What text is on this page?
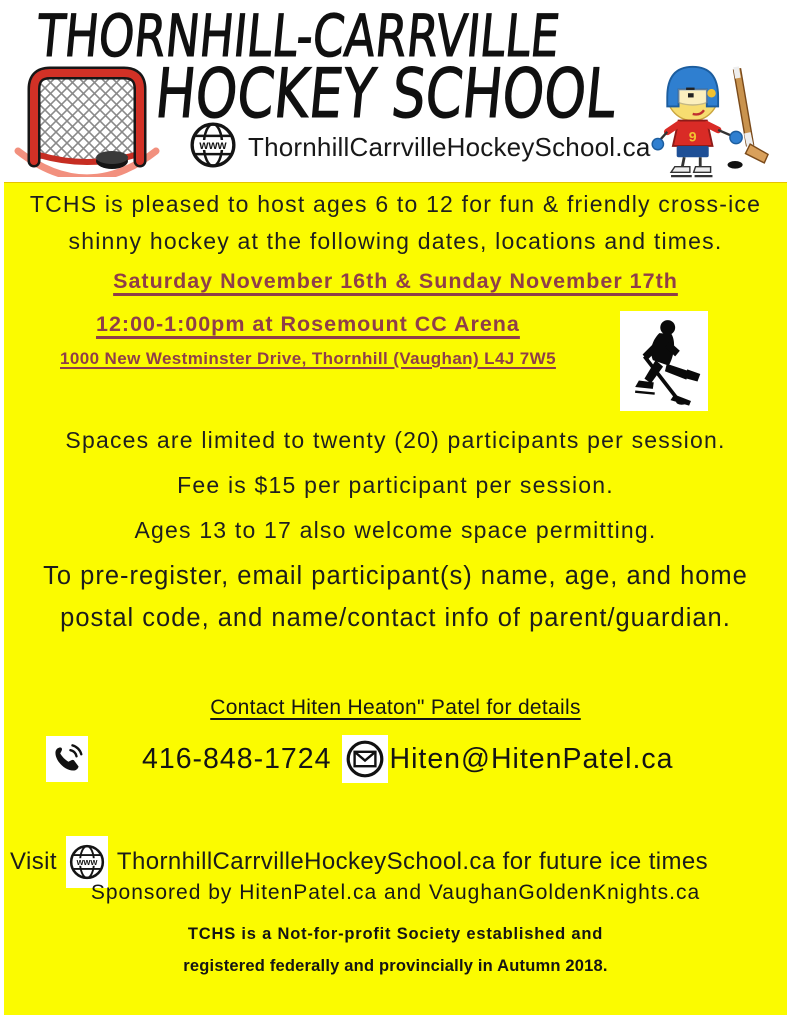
THORNHILL-CARRVILLE
HOCKEY SCHOOL
www ThornhillCarrvilleHockeySchool.ca	9
TCHS is pleased to host ages 6 to 12 for fun & friendly cross-ice
shinny hockey at the following dates, locations and times.
Saturday November 16th & Sunday November 17th
12:00-1:00pm at Rosemount CC Arena
1000 New Westminster Drive, Thornhill (Vaughan) L4J 7W5
Spaces are limited to twenty (20) participants per session.
Fee is $15 per participant per session.
Ages 13 to 17 also welcome space permitting.
To pre-register, email participant(s) name, age, and home
postal code, and name/contact info of parent/guardian.
Contact Hiten Heaton" Patel for details
416-848-1724 Hiten@HitenPatel.ca
Visit www ThornhillCarrvilleHockeySchool.ca for future ice times
Sponsored by HitenPatel.ca and VaughanGoldenKnights.ca
TCHS is a Not-for-profit Society established and
registered federally and provincially in Autumn 2018.
